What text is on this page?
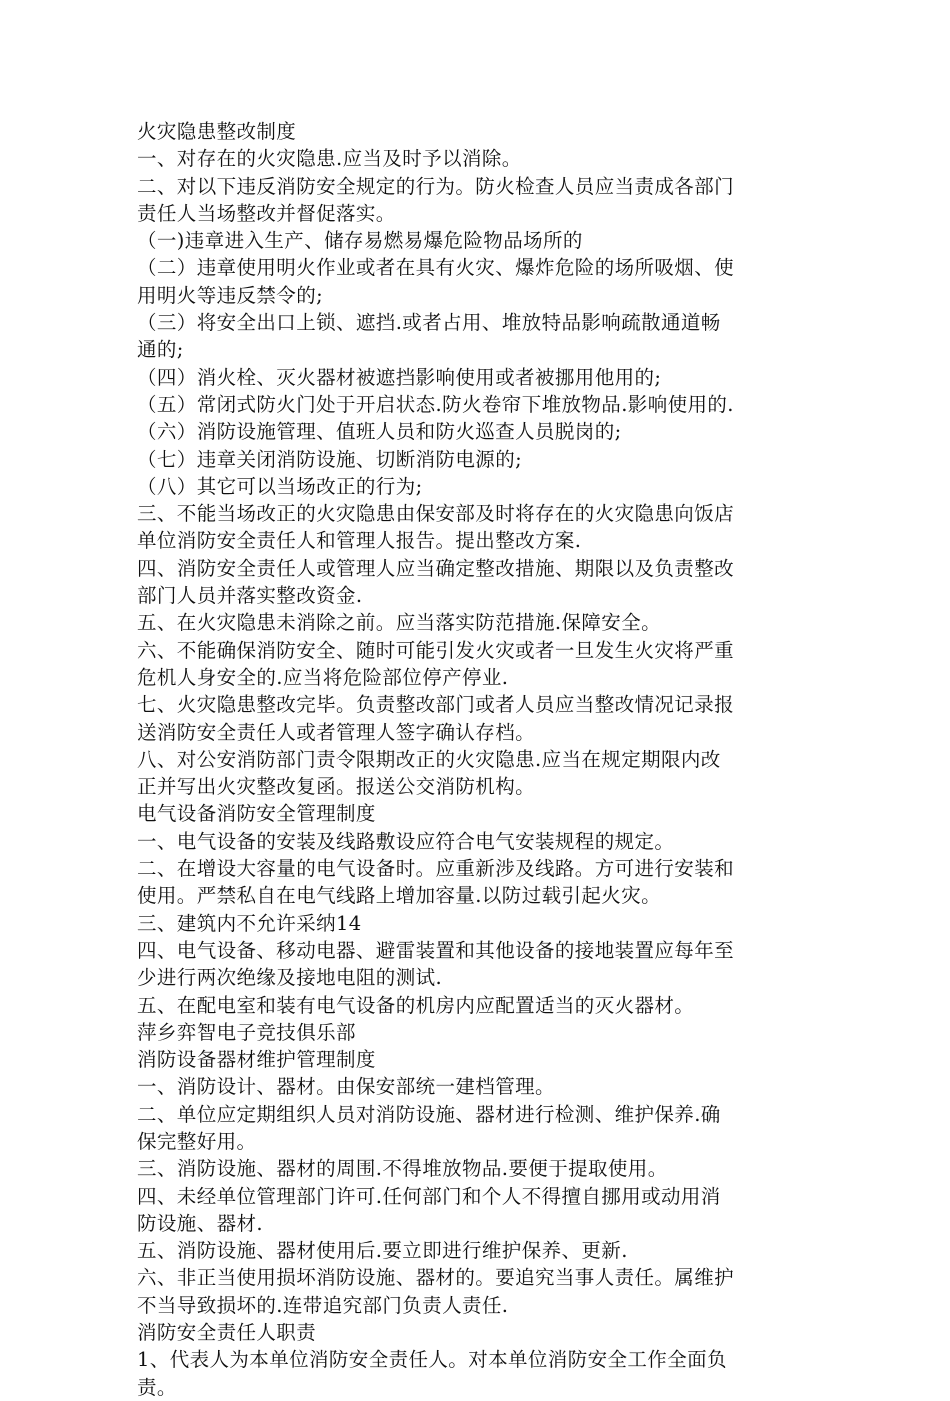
火灾隐患整改制度
一、对存在的火灾隐患.应当及时予以消除。
二、对以下违反消防安全规定的行为。防火检查人员应当责成各部门
责任人当场整改并督促落实。
（一)违章进入生产、储存易燃易爆危险物品场所的
（二）违章使用明火作业或者在具有火灾、爆炸危险的场所吸烟、使
用明火等违反禁令的;
（三）将安全出口上锁、遮挡.或者占用、堆放特品影响疏散通道畅
通的;
（四）消火栓、灭火器材被遮挡影响使用或者被挪用他用的;
（五）常闭式防火门处于开启状态.防火卷帘下堆放物品.影响使用的.
（六）消防设施管理、值班人员和防火巡查人员脱岗的;
（七）违章关闭消防设施、切断消防电源的;
（八）其它可以当场改正的行为;
三、不能当场改正的火灾隐患由保安部及时将存在的火灾隐患向饭店
单位消防安全责任人和管理人报告。提出整改方案.
四、消防安全责任人或管理人应当确定整改措施、期限以及负责整改
部门人员并落实整改资金.
五、在火灾隐患未消除之前。应当落实防范措施.保障安全。
六、不能确保消防安全、随时可能引发火灾或者一旦发生火灾将严重
危机人身安全的.应当将危险部位停产停业.
七、火灾隐患整改完毕。负责整改部门或者人员应当整改情况记录报
送消防安全责任人或者管理人签字确认存档。
八、对公安消防部门责令限期改正的火灾隐患.应当在规定期限内改
正并写出火灾整改复函。报送公交消防机构。
电气设备消防安全管理制度
一、电气设备的安装及线路敷设应符合电气安装规程的规定。
二、在增设大容量的电气设备时。应重新涉及线路。方可进行安装和
使用。严禁私自在电气线路上增加容量.以防过载引起火灾。
三、建筑内不允许采纳14
四、电气设备、移动电器、避雷装置和其他设备的接地装置应每年至
少进行两次绝缘及接地电阻的测试.
五、在配电室和装有电气设备的机房内应配置适当的灭火器材。
萍乡弈智电子竞技俱乐部
消防设备器材维护管理制度
一、消防设计、器材。由保安部统一建档管理。
二、单位应定期组织人员对消防设施、器材进行检测、维护保养.确
保完整好用。
三、消防设施、器材的周围.不得堆放物品.要便于提取使用。
四、未经单位管理部门许可.任何部门和个人不得擅自挪用或动用消
防设施、器材.
五、消防设施、器材使用后.要立即进行维护保养、更新.
六、非正当使用损坏消防设施、器材的。要追究当事人责任。属维护
不当导致损坏的.连带追究部门负责人责任.
消防安全责任人职责
1、代表人为本单位消防安全责任人。对本单位消防安全工作全面负
责。
